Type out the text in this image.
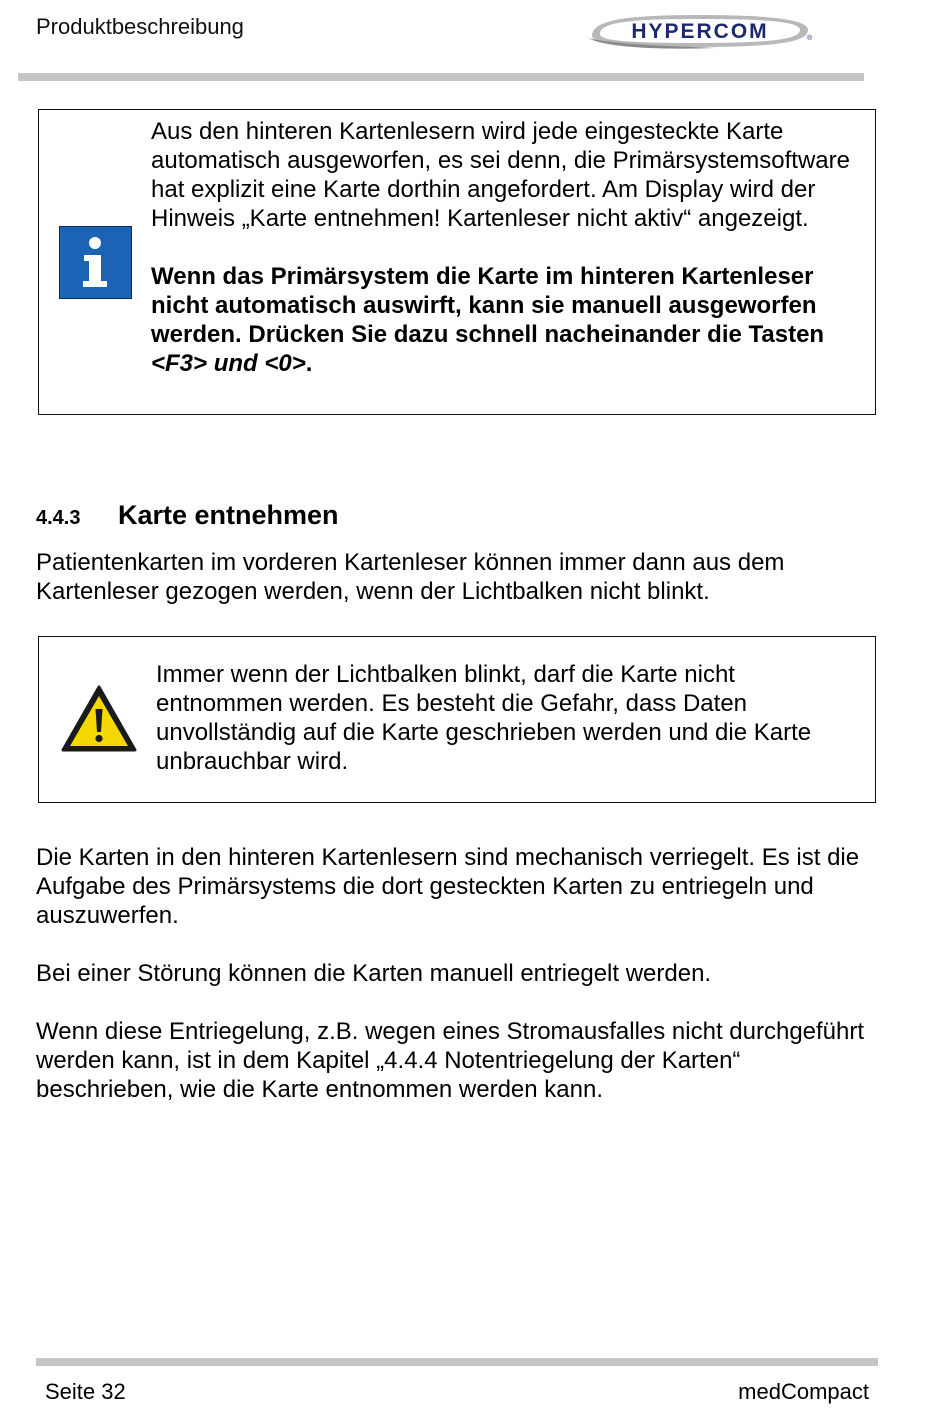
Produktbeschreibung	HYPERCOM	®

Aus den hinteren Kartenlesern wird jede eingesteckte Karte automatisch ausgeworfen, es sei denn, die Primärsystemsoftware hat explizit eine Karte dorthin angefordert. Am Display wird der Hinweis „Karte entnehmen! Kartenleser nicht aktiv“ angezeigt.

Wenn das Primärsystem die Karte im hinteren Kartenleser nicht automatisch auswirft, kann sie manuell ausgeworfen werden. Drücken Sie dazu schnell nacheinander die Tasten <F3> und <0>.

4.4.3	Karte entnehmen

Patientenkarten im vorderen Kartenleser können immer dann aus dem Kartenleser gezogen werden, wenn der Lichtbalken nicht blinkt.

Immer wenn der Lichtbalken blinkt, darf die Karte nicht entnommen werden. Es besteht die Gefahr, dass Daten unvollständig auf die Karte geschrieben werden und die Karte unbrauchbar wird.

Die Karten in den hinteren Kartenlesern sind mechanisch verriegelt. Es ist die Aufgabe des Primärsystems die dort gesteckten Karten zu entriegeln und auszuwerfen.

Bei einer Störung können die Karten manuell entriegelt werden.

Wenn diese Entriegelung, z.B. wegen eines Stromausfalles nicht durchgeführt werden kann, ist in dem Kapitel „4.4.4 Notentriegelung der Karten“ beschrieben, wie die Karte entnommen werden kann.

Seite 32	medCompact
